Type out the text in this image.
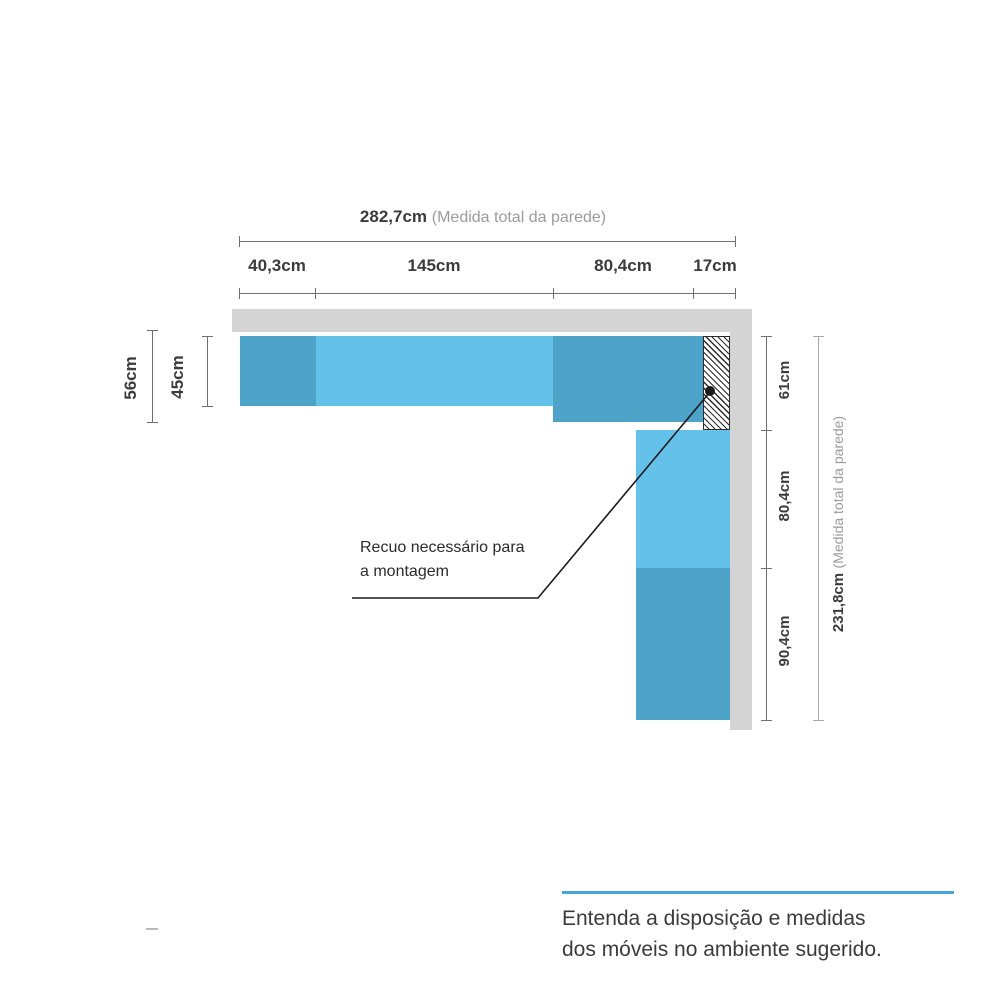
282,7cm (Medida total da parede)
40,3cm	145cm	80,4cm	17cm
56cm 45cm	61cm
80,4cm
90,4cm
231,8cm (Medida total da parede)
Recuo necessário para
a montagem
Entenda a disposição e medidas
dos móveis no ambiente sugerido.
